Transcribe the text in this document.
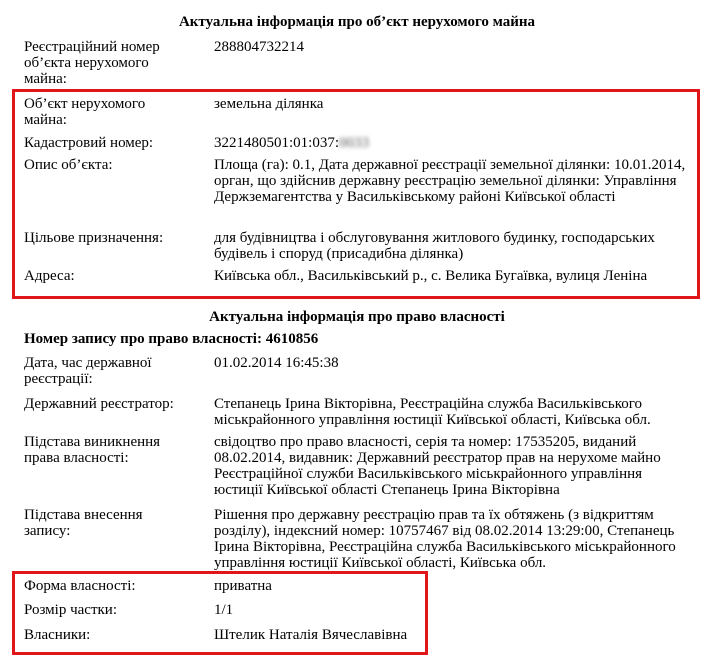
Актуальна інформація про об’єкт нерухомого майна
Реєстраційний номер об’єкта нерухомого майна:
288804732214
Об’єкт нерухомого майна:
земельна ділянка
Кадастровий номер:	3221480501:01:037:0033
Опис об’єкта:	Площа (га): 0.1, Дата державної реєстрації земельної ділянки: 10.01.2014, орган, що здійснив державну реєстрацію земельної ділянки: Управління Держземагентства у Васильківському районі Київської області
Цільове призначення:	для будівництва і обслуговування житлового будинку, господарських будівель і споруд (присадибна ділянка)
Адреса:	Київська обл., Васильківський р., с. Велика Бугаївка, вулиця Леніна
Актуальна інформація про право власності
Номер запису про право власності: 4610856
Дата, час державної реєстрації:
01.02.2014 16:45:38
Державний реєстратор:	Степанець Ірина Вікторівна, Реєстраційна служба Васильківського міськрайонного управління юстиції Київської області, Київська обл.
Підстава виникнення права власності:
свідоцтво про право власності, серія та номер: 17535205, виданий 08.02.2014, видавник: Державний реєстратор прав на нерухоме майно Реєстраційної служби Васильківського міськрайонного управління юстиції Київської області Степанець Ірина Вікторівна
Підстава внесення запису:
Рішення про державну реєстрацію прав та їх обтяжень (з відкриттям розділу), індексний номер: 10757467 від 08.02.2014 13:29:00, Степанець Ірина Вікторівна, Реєстраційна служба Васильківського міськрайонного управління юстиції Київської області, Київська обл.
Форма власності:	приватна
Розмір частки:	1/1
Власники:	Штелик Наталія Вячеславівна
